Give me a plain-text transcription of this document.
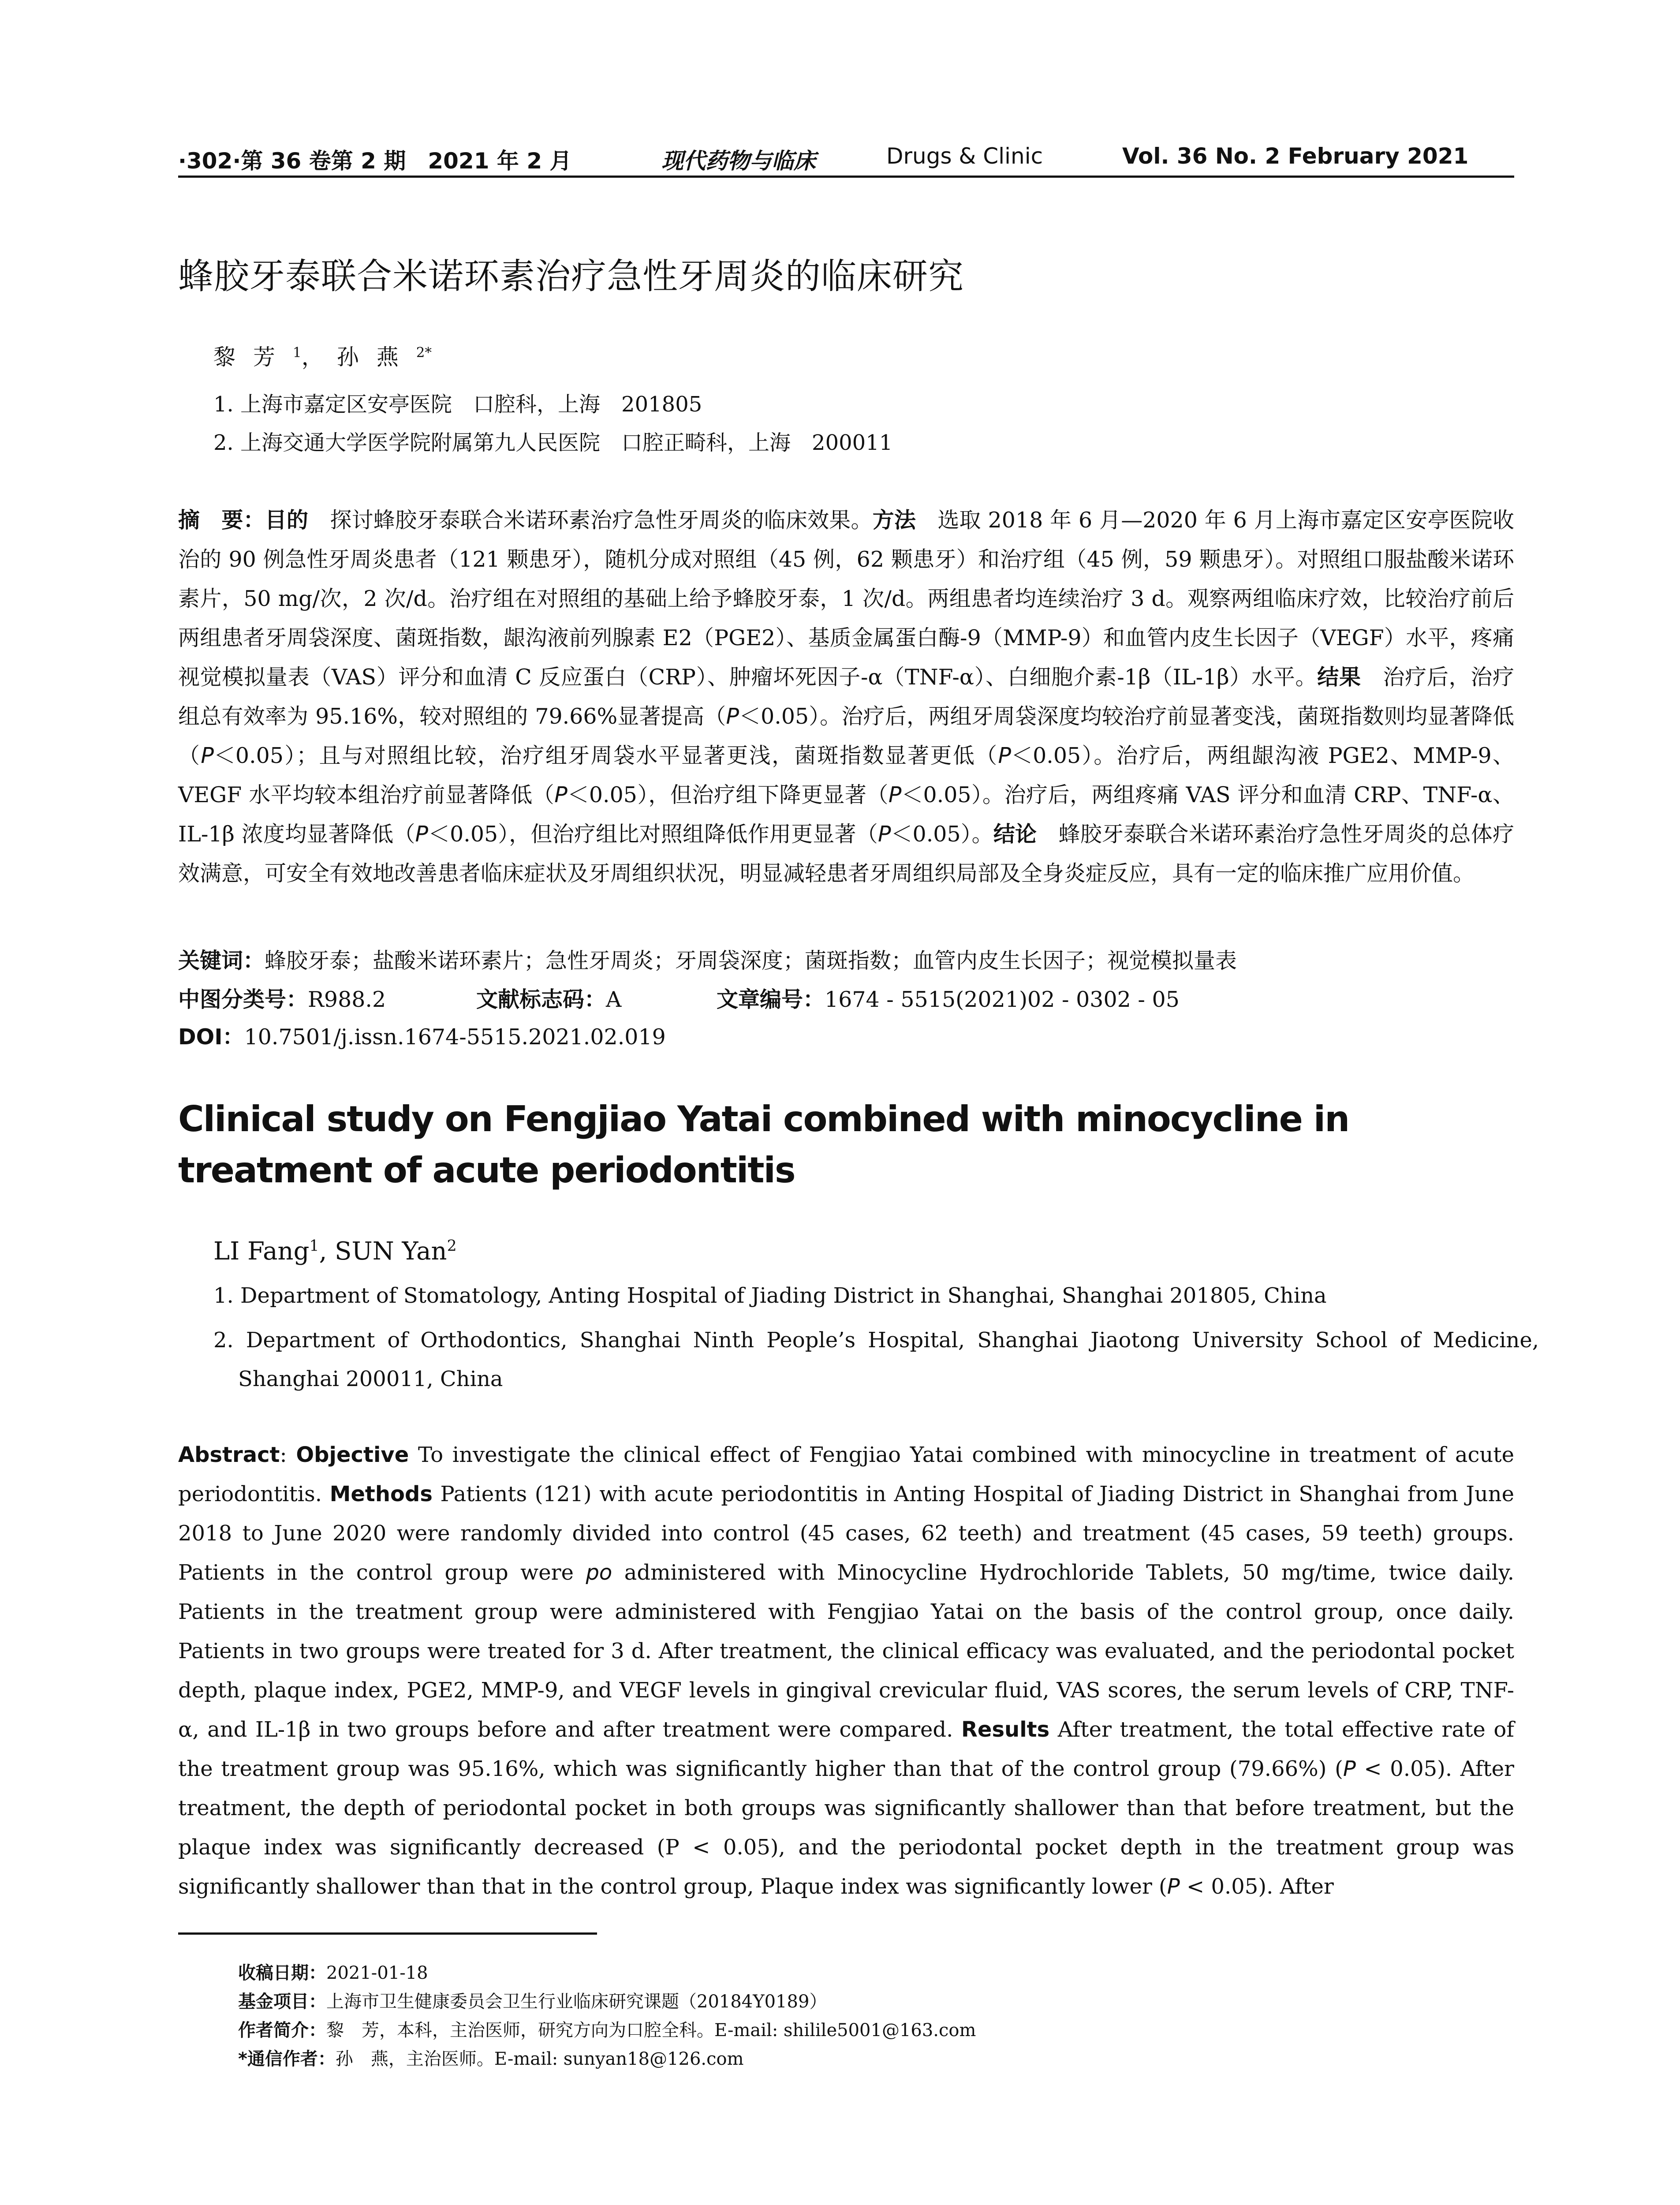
·302·第 36 卷第 2 期　2021 年 2 月	现代药物与临床	Drugs & Clinic	Vol. 36 No. 2 February 2021
蜂胶牙泰联合米诺环素治疗急性牙周炎的临床研究
黎芳$^1$， 孙燕$^{2*}$
1. 上海市嘉定区安亭医院　口腔科，上海　201805
2. 上海交通大学医学院附属第九人民医院　口腔正畸科，上海　200011
摘　要：目的　探讨蜂胶牙泰联合米诺环素治疗急性牙周炎的临床效果。方法　选取 2018 年 6 月—2020 年 6 月上海市嘉定区安亭医院收治的 90 例急性牙周炎患者（121 颗患牙），随机分成对照组（45 例，62 颗患牙）和治疗组（45 例，59 颗患牙）。对照组口服盐酸米诺环素片，50 mg/次，2 次/d。治疗组在对照组的基础上给予蜂胶牙泰，1 次/d。两组患者均连续治疗 3 d。观察两组临床疗效，比较治疗前后两组患者牙周袋深度、菌斑指数，龈沟液前列腺素 E2（PGE2）、基质金属蛋白酶-9（MMP-9）和血管内皮生长因子（VEGF）水平，疼痛视觉模拟量表（VAS）评分和血清 C 反应蛋白（CRP）、肿瘤坏死因子-α（TNF-α）、白细胞介素-1β（IL-1β）水平。结果　治疗后，治疗组总有效率为 95.16%，较对照组的 79.66%显著提高（P＜0.05）。治疗后，两组牙周袋深度均较治疗前显著变浅，菌斑指数则均显著降低（P＜0.05）；且与对照组比较，治疗组牙周袋水平显著更浅，菌斑指数显著更低（P＜0.05）。治疗后，两组龈沟液 PGE2、MMP-9、VEGF 水平均较本组治疗前显著降低（P＜0.05），但治疗组下降更显著（P＜0.05）。治疗后，两组疼痛 VAS 评分和血清 CRP、TNF-α、IL-1β 浓度均显著降低（P＜0.05），但治疗组比对照组降低作用更显著（P＜0.05）。结论　蜂胶牙泰联合米诺环素治疗急性牙周炎的总体疗效满意，可安全有效地改善患者临床症状及牙周组织状况，明显减轻患者牙周组织局部及全身炎症反应，具有一定的临床推广应用价值。
关键词：蜂胶牙泰；盐酸米诺环素片；急性牙周炎；牙周袋深度；菌斑指数；血管内皮生长因子；视觉模拟量表
中图分类号：R988.2	文献标志码：A	文章编号：1674 - 5515(2021)02 - 0302 - 05
DOI：10.7501/j.issn.1674-5515.2021.02.019
Clinical study on Fengjiao Yatai combined with minocycline in treatment of acute periodontitis
LI Fang$^1$, SUN Yan$^2$
1. Department of Stomatology, Anting Hospital of Jiading District in Shanghai, Shanghai 201805, China
2. Department of Orthodontics, Shanghai Ninth People’s Hospital, Shanghai Jiaotong University School of Medicine, Shanghai 200011, China
Abstract: Objective To investigate the clinical effect of Fengjiao Yatai combined with minocycline in treatment of acute periodontitis. Methods Patients (121) with acute periodontitis in Anting Hospital of Jiading District in Shanghai from June 2018 to June 2020 were randomly divided into control (45 cases, 62 teeth) and treatment (45 cases, 59 teeth) groups. Patients in the control group were po administered with Minocycline Hydrochloride Tablets, 50 mg/time, twice daily. Patients in the treatment group were administered with Fengjiao Yatai on the basis of the control group, once daily. Patients in two groups were treated for 3 d. After treatment, the clinical efficacy was evaluated, and the periodontal pocket depth, plaque index, PGE2, MMP-9, and VEGF levels in gingival crevicular fluid, VAS scores, the serum levels of CRP, TNF-α, and IL-1β in two groups before and after treatment were compared. Results After treatment, the total effective rate of the treatment group was 95.16%, which was significantly higher than that of the control group (79.66%) (P < 0.05). After treatment, the depth of periodontal pocket in both groups was significantly shallower than that before treatment, but the plaque index was significantly decreased (P < 0.05), and the periodontal pocket depth in the treatment group was significantly shallower than that in the control group, Plaque index was significantly lower (P < 0.05). After
收稿日期：2021-01-18
基金项目：上海市卫生健康委员会卫生行业临床研究课题（20184Y0189）
作者简介：黎　芳，本科，主治医师，研究方向为口腔全科。E-mail: shilile5001@163.com
*通信作者：孙　燕，主治医师。E-mail: sunyan18@126.com
